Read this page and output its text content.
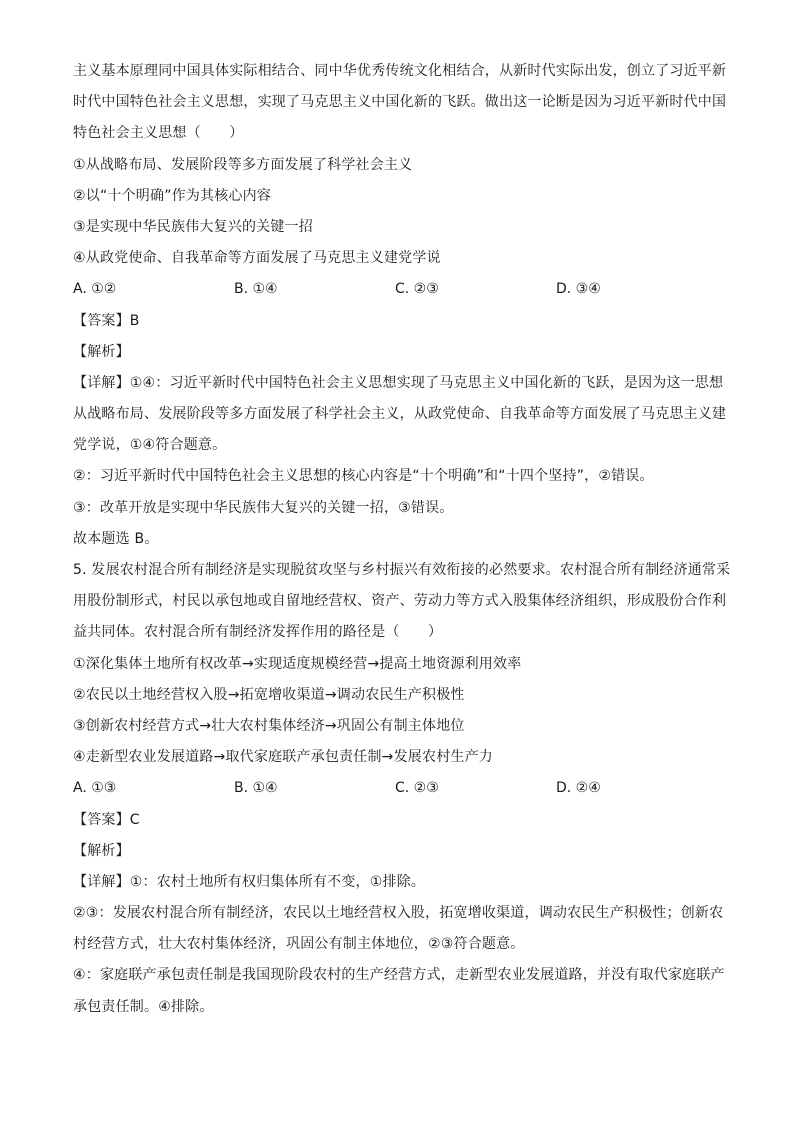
主义基本原理同中国具体实际相结合、同中华优秀传统文化相结合，从新时代实际出发，创立了习近平新
时代中国特色社会主义思想，实现了马克思主义中国化新的飞跃。做出这一论断是因为习近平新时代中国
特色社会主义思想（　　）
①从战略布局、发展阶段等多方面发展了科学社会主义
②以“十个明确”作为其核心内容
③是实现中华民族伟大复兴的关键一招
④从政党使命、自我革命等方面发展了马克思主义建党学说
A. ①②	B. ①④	C. ②③	D. ③④
【答案】B
【解析】
【详解】①④：习近平新时代中国特色社会主义思想实现了马克思主义中国化新的飞跃，是因为这一思想
从战略布局、发展阶段等多方面发展了科学社会主义，从政党使命、自我革命等方面发展了马克思主义建
党学说，①④符合题意。
②：习近平新时代中国特色社会主义思想的核心内容是“十个明确”和“十四个坚持”，②错误。
③：改革开放是实现中华民族伟大复兴的关键一招，③错误。
故本题选 B。
5. 发展农村混合所有制经济是实现脱贫攻坚与乡村振兴有效衔接的必然要求。农村混合所有制经济通常采
用股份制形式，村民以承包地或自留地经营权、资产、劳动力等方式入股集体经济组织，形成股份合作利
益共同体。农村混合所有制经济发挥作用的路径是（　　）
①深化集体土地所有权改革→实现适度规模经营→提高土地资源利用效率
②农民以土地经营权入股→拓宽增收渠道→调动农民生产积极性
③创新农村经营方式→壮大农村集体经济→巩固公有制主体地位
④走新型农业发展道路→取代家庭联产承包责任制→发展农村生产力
A. ①③	B. ①④	C. ②③	D. ②④
【答案】C
【解析】
【详解】①：农村土地所有权归集体所有不变，①排除。
②③：发展农村混合所有制经济，农民以土地经营权入股，拓宽增收渠道，调动农民生产积极性；创新农
村经营方式，壮大农村集体经济，巩固公有制主体地位，②③符合题意。
④：家庭联产承包责任制是我国现阶段农村的生产经营方式，走新型农业发展道路，并没有取代家庭联产
承包责任制。④排除。
